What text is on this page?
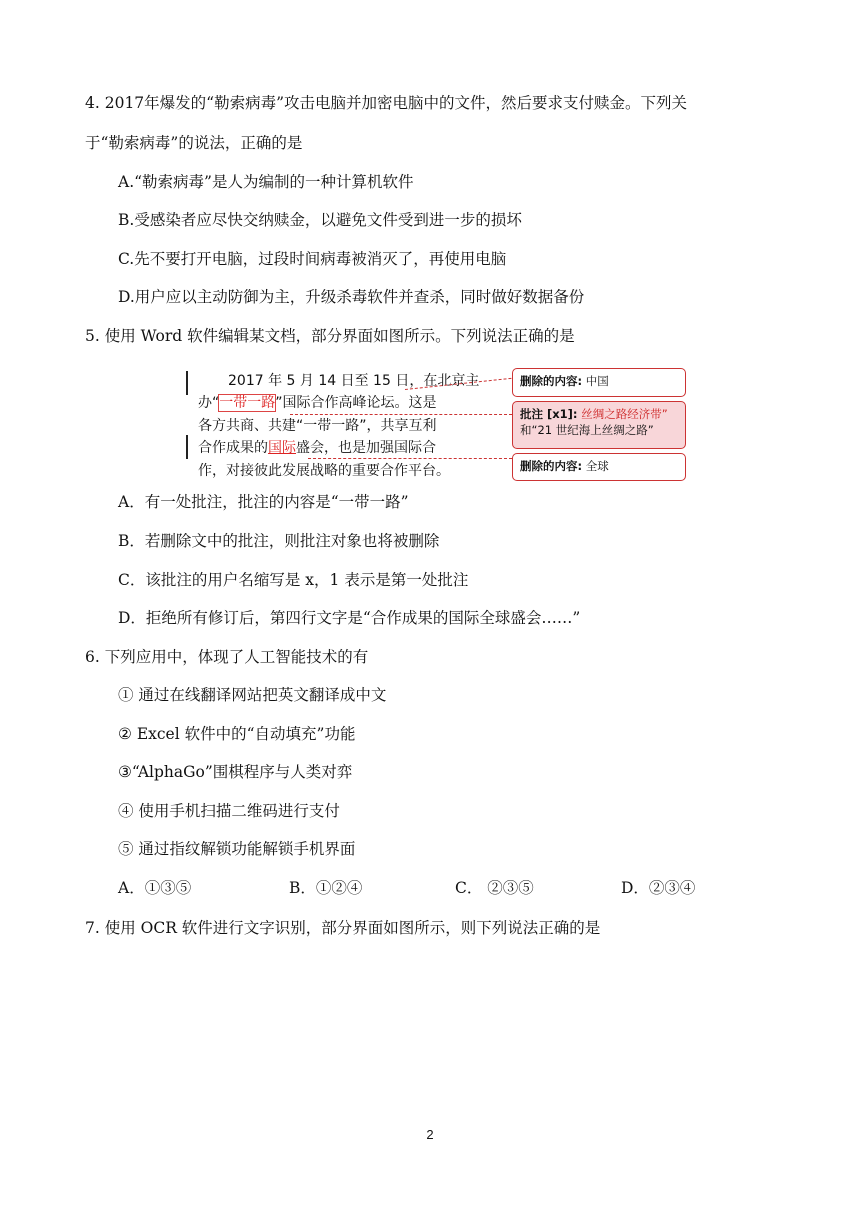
4. 2017年爆发的“勒索病毒”攻击电脑并加密电脑中的文件，然后要求支付赎金。下列关
于“勒索病毒”的说法，正确的是
A.“勒索病毒”是人为编制的一种计算机软件
B.受感染者应尽快交纳赎金，以避免文件受到进一步的损坏
C.先不要打开电脑，过段时间病毒被消灭了，再使用电脑
D.用户应以主动防御为主，升级杀毒软件并查杀，同时做好数据备份
5. 使用 Word 软件编辑某文档，部分界面如图所示。下列说法正确的是
2017 年 5 月 14 日至 15 日，在北京主
办“一带一路”国际合作高峰论坛。这是
各方共商、共建“一带一路”，共享互利
合作成果的国际盛会，也是加强国际合
作，对接彼此发展战略的重要合作平台。
删除的内容: 中国
批注 [x1]: 丝绸之路经济带”
和“21 世纪海上丝绸之路”
删除的内容: 全球
A．有一处批注，批注的内容是“一带一路”
B．若删除文中的批注，则批注对象也将被删除
C．该批注的用户名缩写是 x，1 表示是第一处批注
D．拒绝所有修订后，第四行文字是“合作成果的国际全球盛会……”
6. 下列应用中，体现了人工智能技术的有
① 通过在线翻译网站把英文翻译成中文
② Excel 软件中的“自动填充”功能
③“AlphaGo”围棋程序与人类对弈
④ 使用手机扫描二维码进行支付
⑤ 通过指纹解锁功能解锁手机界面
A．①③⑤	B．①②④	C． ②③⑤	D．②③④
7. 使用 OCR 软件进行文字识别，部分界面如图所示，则下列说法正确的是
2
